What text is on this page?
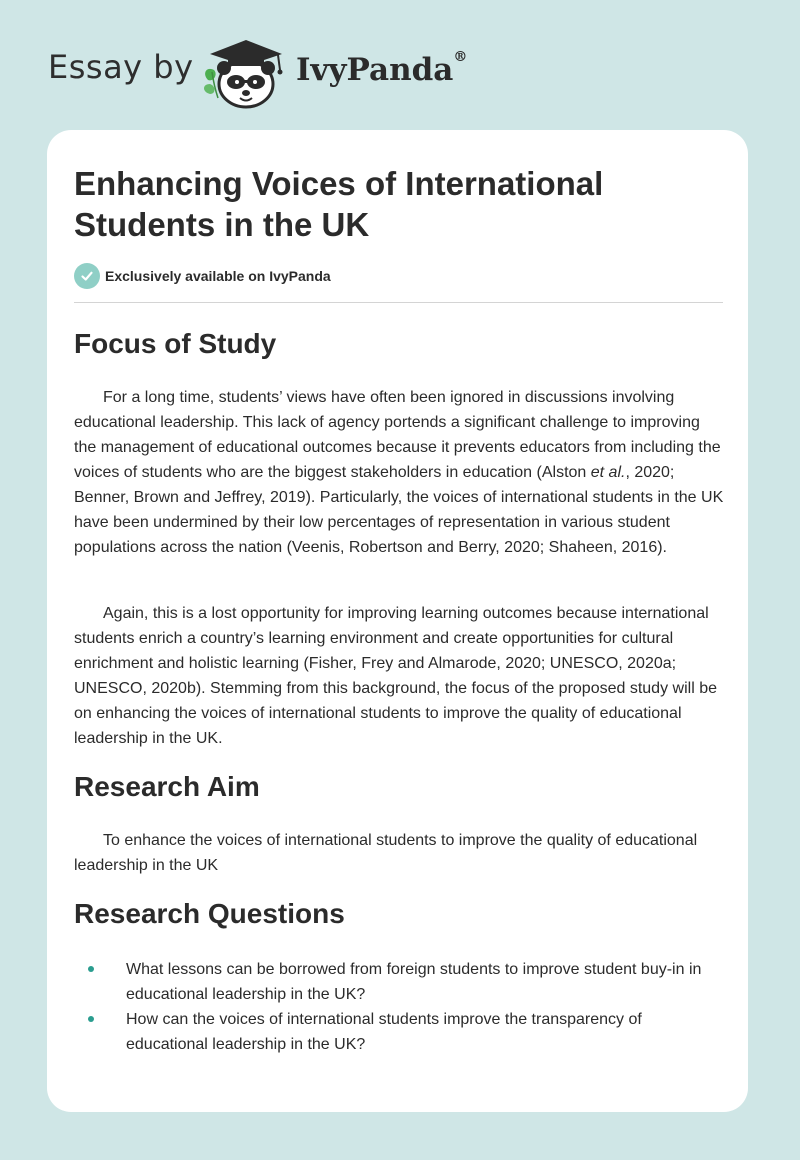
Essay by	IvyPanda®
Enhancing Voices of International Students in the UK
Exclusively available on IvyPanda
Focus of Study

For a long time, students’ views have often been ignored in discussions involving educational leadership. This lack of agency portends a significant challenge to improving the management of educational outcomes because it prevents educators from including the voices of students who are the biggest stakeholders in education (Alston et al., 2020; Benner, Brown and Jeffrey, 2019). Particularly, the voices of international students in the UK have been undermined by their low percentages of representation in various student populations across the nation (Veenis, Robertson and Berry, 2020; Shaheen, 2016).

Again, this is a lost opportunity for improving learning outcomes because international students enrich a country’s learning environment and create opportunities for cultural enrichment and holistic learning (Fisher, Frey and Almarode, 2020; UNESCO, 2020a; UNESCO, 2020b). Stemming from this background, the focus of the proposed study will be on enhancing the voices of international students to improve the quality of educational leadership in the UK.

Research Aim

To enhance the voices of international students to improve the quality of educational leadership in the UK

Research Questions
What lessons can be borrowed from foreign students to improve student buy-in in educational leadership in the UK?
How can the voices of international students improve the transparency of educational leadership in the UK?
